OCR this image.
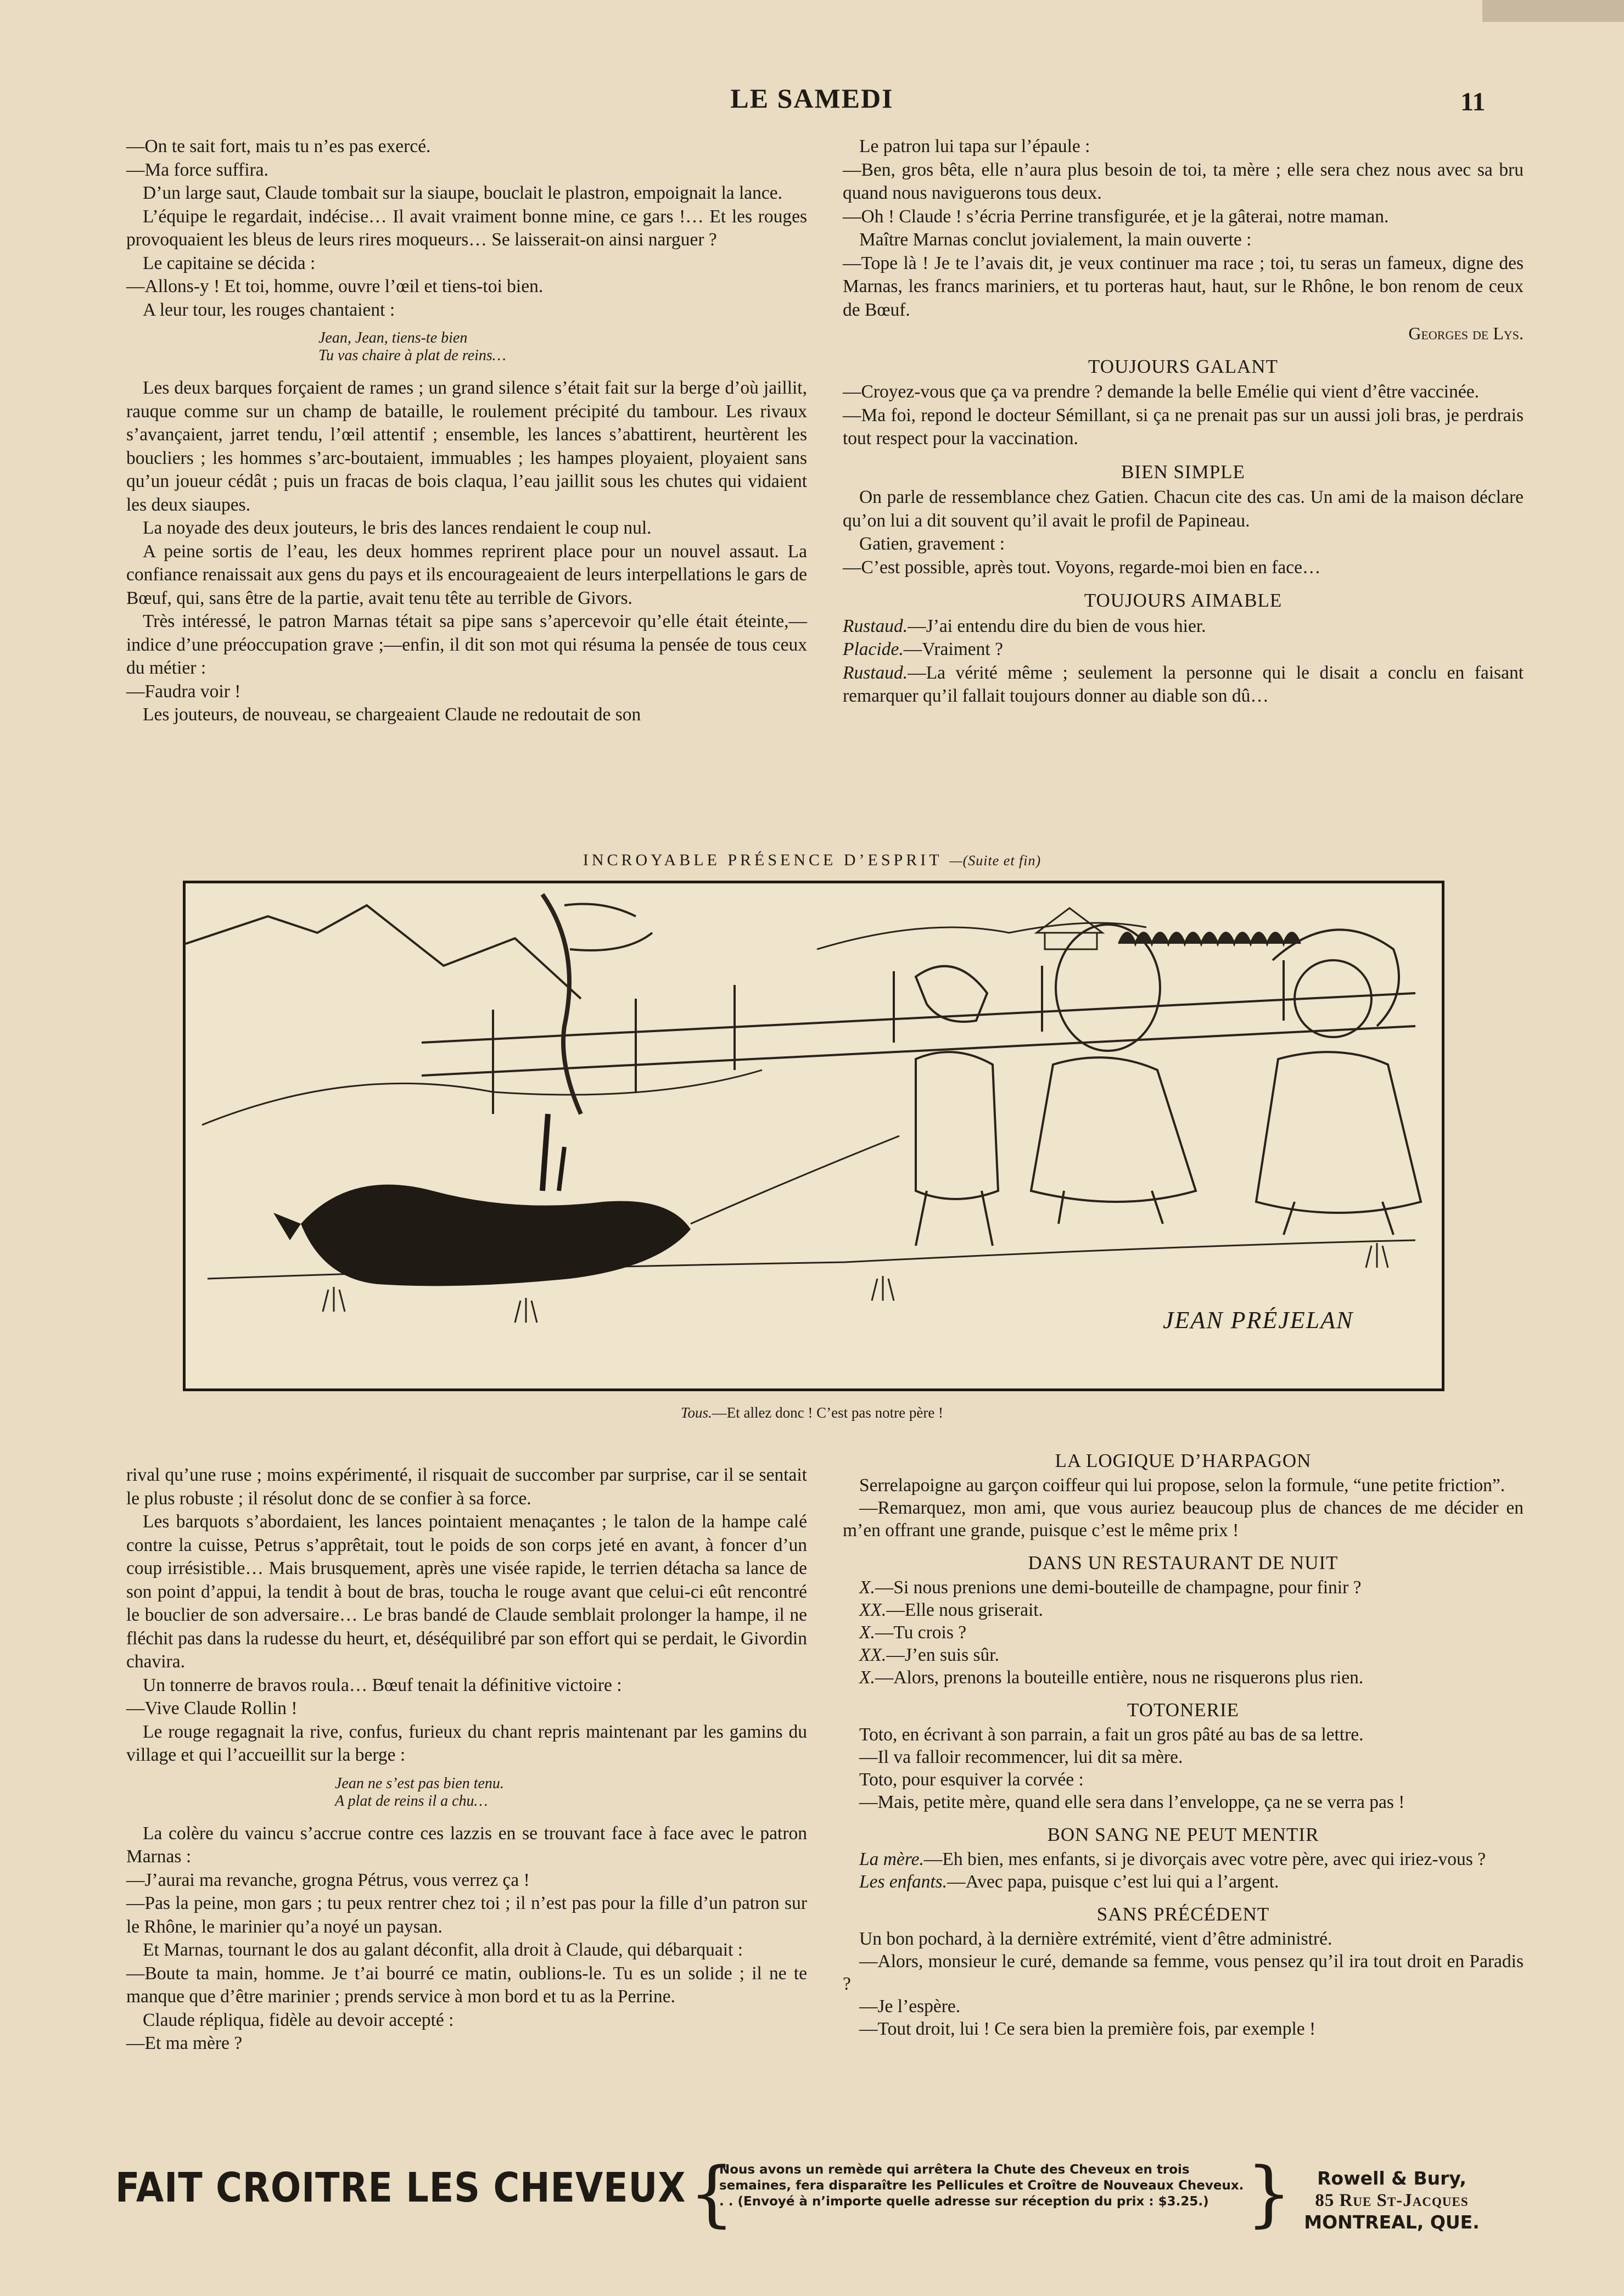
LE SAMEDI	11

—On te sait fort, mais tu n’es pas exercé.

—Ma force suffira.

D’un large saut, Claude tombait sur la siaupe, bouclait le plastron, empoignait la lance.

L’équipe le regardait, indécise… Il avait vraiment bonne mine, ce gars !… Et les rouges provoquaient les bleus de leurs rires moqueurs… Se laisserait-on ainsi narguer ?

Le capitaine se décida :

—Allons-y ! Et toi, homme, ouvre l’œil et tiens-toi bien.

A leur tour, les rouges chantaient :

Jean, Jean, tiens-te bien
Tu vas chaire à plat de reins…

Les deux barques forçaient de rames ; un grand silence s’était fait sur la berge d’où jaillit, rauque comme sur un champ de bataille, le roulement précipité du tambour. Les rivaux s’avançaient, jarret tendu, l’œil attentif ; ensemble, les lances s’abattirent, heurtèrent les boucliers ; les hommes s’arc-boutaient, immuables ; les hampes ployaient, ployaient sans qu’un joueur cédât ; puis un fracas de bois claqua, l’eau jaillit sous les chutes qui vidaient les deux siaupes.

La noyade des deux jouteurs, le bris des lances rendaient le coup nul.

A peine sortis de l’eau, les deux hommes reprirent place pour un nouvel assaut. La confiance renaissait aux gens du pays et ils encourageaient de leurs interpellations le gars de Bœuf, qui, sans être de la partie, avait tenu tête au terrible de Givors.

Très intéressé, le patron Marnas tétait sa pipe sans s’apercevoir qu’elle était éteinte,—indice d’une préoccupation grave ;—enfin, il dit son mot qui résuma la pensée de tous ceux du métier :

—Faudra voir !

Les jouteurs, de nouveau, se chargeaient Claude ne redoutait de son

Le patron lui tapa sur l’épaule :

—Ben, gros bêta, elle n’aura plus besoin de toi, ta mère ; elle sera chez nous avec sa bru quand nous naviguerons tous deux.

—Oh ! Claude ! s’écria Perrine transfigurée, et je la gâterai, notre maman.

Maître Marnas conclut jovialement, la main ouverte :

—Tope là ! Je te l’avais dit, je veux continuer ma race ; toi, tu seras un fameux, digne des Marnas, les francs mariniers, et tu porteras haut, haut, sur le Rhône, le bon renom de ceux de Bœuf.

Georges de Lys.
TOUJOURS GALANT

—Croyez-vous que ça va prendre ? demande la belle Emélie qui vient d’être vaccinée.

—Ma foi, repond le docteur Sémillant, si ça ne prenait pas sur un aussi joli bras, je perdrais tout respect pour la vaccination.

BIEN SIMPLE

On parle de ressemblance chez Gatien. Chacun cite des cas. Un ami de la maison déclare qu’on lui a dit souvent qu’il avait le profil de Papineau.

Gatien, gravement :

—C’est possible, après tout. Voyons, regarde-moi bien en face…

TOUJOURS AIMABLE

Rustaud.—J’ai entendu dire du bien de vous hier.

Placide.—Vraiment ?

Rustaud.—La vérité même ; seulement la personne qui le disait a conclu en faisant remarquer qu’il fallait toujours donner au diable son dû…

INCROYABLE PRÉSENCE D’ESPRIT —(Suite et fin)
JEAN PRÉJELAN
Tous.—Et allez donc ! C’est pas notre père !

rival qu’une ruse ; moins expérimenté, il risquait de succomber par surprise, car il se sentait le plus robuste ; il résolut donc de se confier à sa force.

Les barquots s’abordaient, les lances pointaient menaçantes ; le talon de la hampe calé contre la cuisse, Petrus s’apprêtait, tout le poids de son corps jeté en avant, à foncer d’un coup irrésistible… Mais brusquement, après une visée rapide, le terrien détacha sa lance de son point d’appui, la tendit à bout de bras, toucha le rouge avant que celui-ci eût rencontré le bouclier de son adversaire… Le bras bandé de Claude semblait prolonger la hampe, il ne fléchit pas dans la rudesse du heurt, et, déséquilibré par son effort qui se perdait, le Givordin chavira.

Un tonnerre de bravos roula… Bœuf tenait la définitive victoire :

—Vive Claude Rollin !

Le rouge regagnait la rive, confus, furieux du chant repris maintenant par les gamins du village et qui l’accueillit sur la berge :

Jean ne s’est pas bien tenu.
A plat de reins il a chu…

La colère du vaincu s’accrue contre ces lazzis en se trouvant face à face avec le patron Marnas :

—J’aurai ma revanche, grogna Pétrus, vous verrez ça !

—Pas la peine, mon gars ; tu peux rentrer chez toi ; il n’est pas pour la fille d’un patron sur le Rhône, le marinier qu’a noyé un paysan.

Et Marnas, tournant le dos au galant déconfit, alla droit à Claude, qui débarquait :

—Boute ta main, homme. Je t’ai bourré ce matin, oublions-le. Tu es un solide ; il ne te manque que d’être marinier ; prends service à mon bord et tu as la Perrine.

Claude répliqua, fidèle au devoir accepté :

—Et ma mère ?

LA LOGIQUE D’HARPAGON

Serrelapoigne au garçon coiffeur qui lui propose, selon la formule, “une petite friction”.

—Remarquez, mon ami, que vous auriez beaucoup plus de chances de me décider en m’en offrant une grande, puisque c’est le même prix !

DANS UN RESTAURANT DE NUIT

X.—Si nous prenions une demi-bouteille de champagne, pour finir ?

XX.—Elle nous griserait.

X.—Tu crois ?

XX.—J’en suis sûr.

X.—Alors, prenons la bouteille entière, nous ne risquerons plus rien.

TOTONERIE

Toto, en écrivant à son parrain, a fait un gros pâté au bas de sa lettre.

—Il va falloir recommencer, lui dit sa mère.

Toto, pour esquiver la corvée :

—Mais, petite mère, quand elle sera dans l’enveloppe, ça ne se verra pas !

BON SANG NE PEUT MENTIR

La mère.—Eh bien, mes enfants, si je divorçais avec votre père, avec qui iriez-vous ?

Les enfants.—Avec papa, puisque c’est lui qui a l’argent.

SANS PRÉCÉDENT

Un bon pochard, à la dernière extrémité, vient d’être administré.

—Alors, monsieur le curé, demande sa femme, vous pensez qu’il ira tout droit en Paradis ?

—Je l’espère.

—Tout droit, lui ! Ce sera bien la première fois, par exemple !

FAIT CROITRE LES CHEVEUX {
Nous avons un remède qui arrêtera la Chute des Cheveux en trois semaines, fera disparaître les Pellicules et Croître de Nouveaux Cheveux. . . (Envoyé à n’importe quelle adresse sur réception du prix : $3.25.) }	Rowell & Bury,
85 Rue St-Jacques
MONTREAL, QUE.
